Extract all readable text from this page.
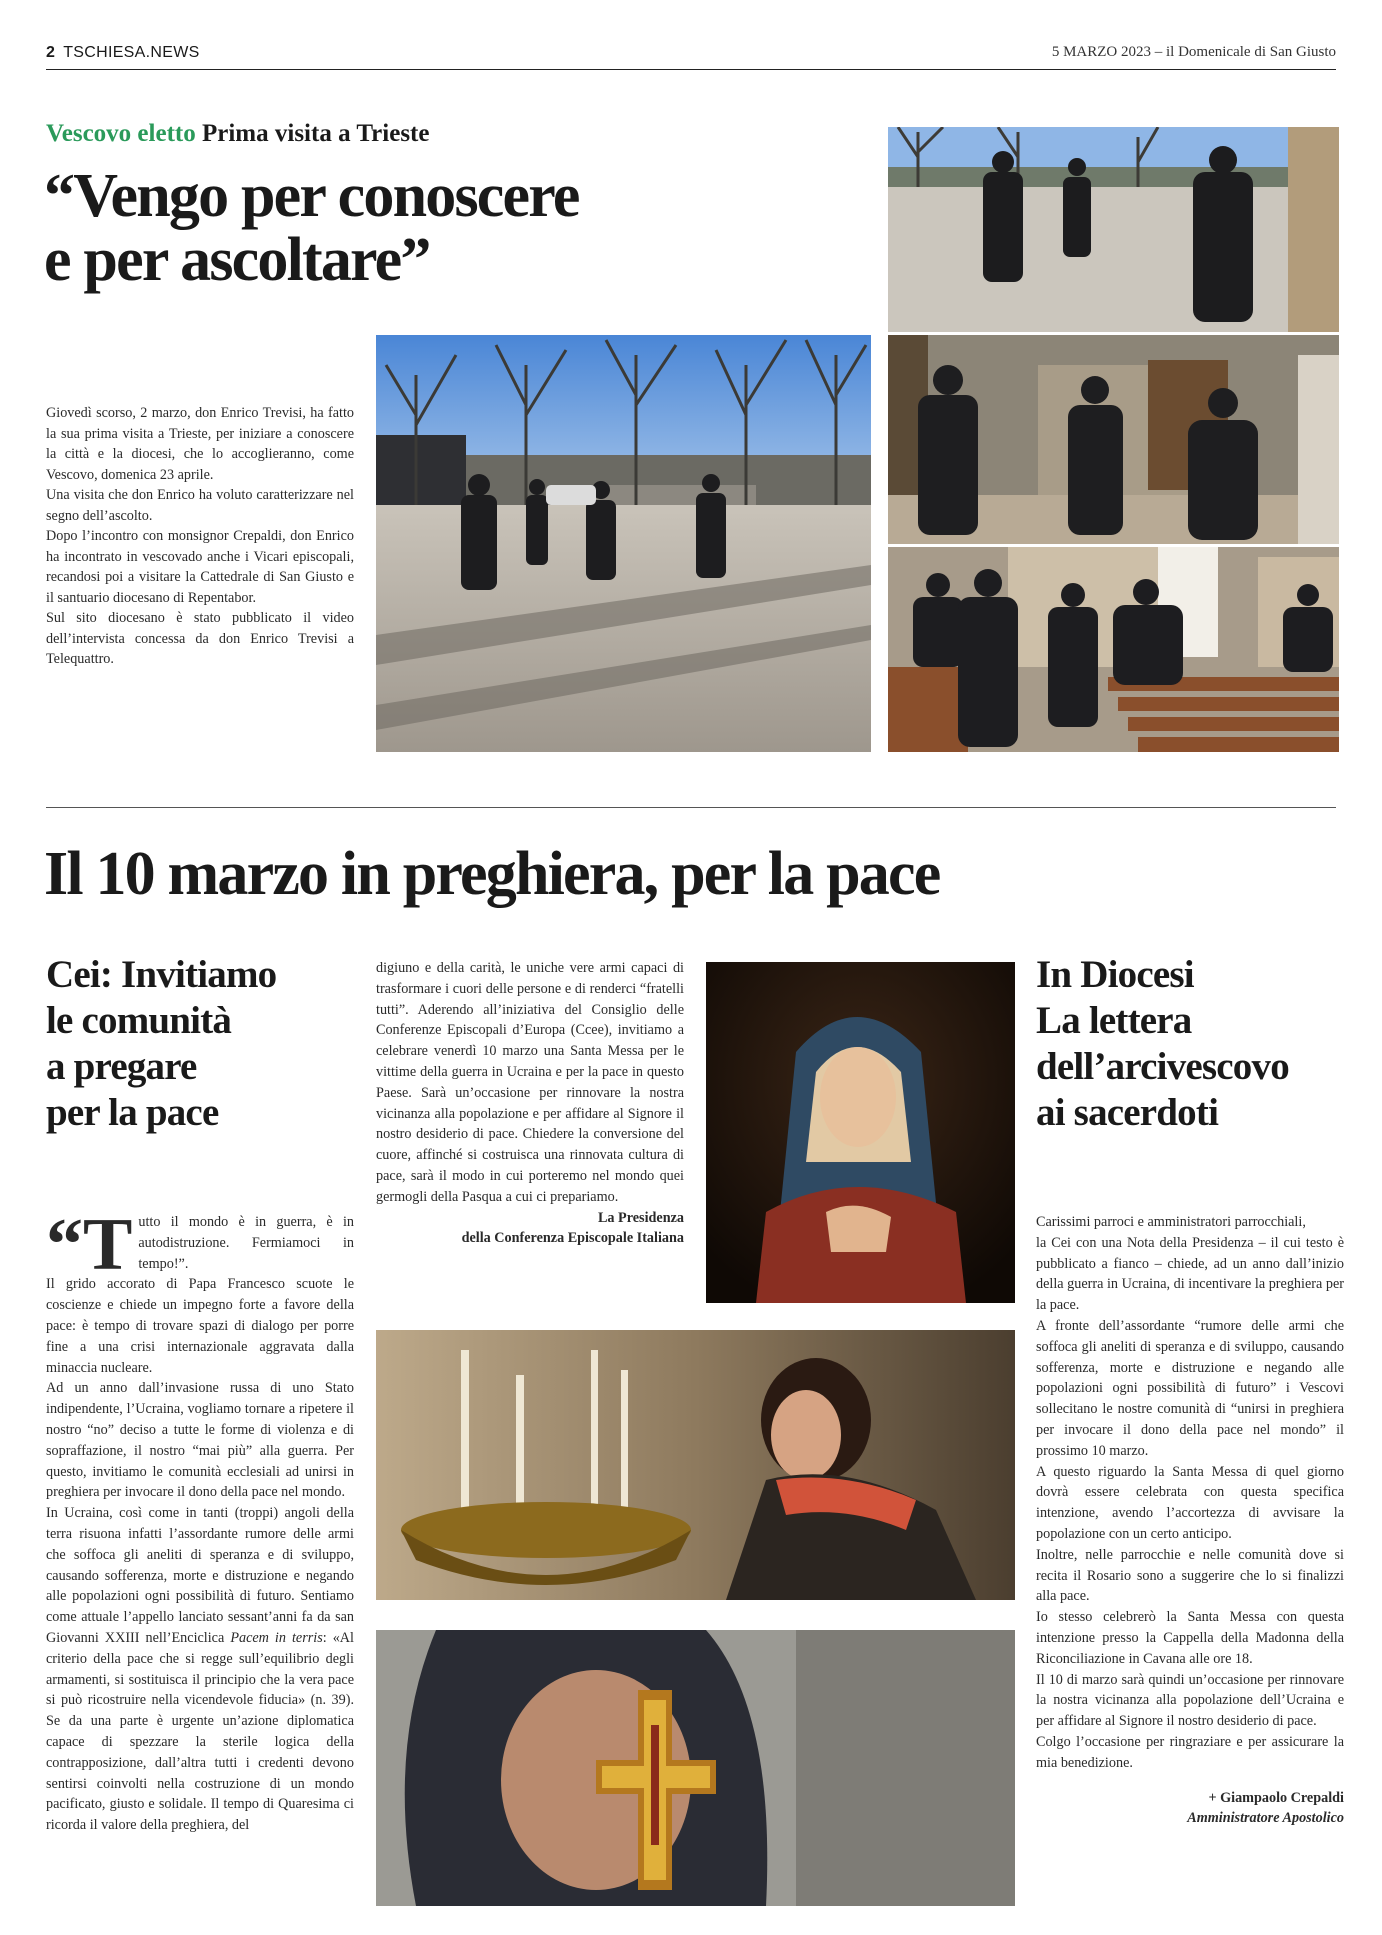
2 TSCHIESA.NEWS	5 MARZO 2023 – il Domenicale di San Giusto
Vescovo eletto Prima visita a Trieste
“Vengo per conoscere
e per ascoltare”

Giovedì scorso, 2 marzo, don Enrico Trevisi, ha fatto la sua prima visita a Trieste, per iniziare a conoscere la città e la diocesi, che lo accoglieranno, come Vescovo, domenica 23 aprile.

Una visita che don Enrico ha voluto caratterizzare nel segno dell’ascolto.

Dopo l’incontro con monsignor Crepaldi, don Enrico ha incontrato in vescovado anche i Vicari episcopali, recandosi poi a visitare la Cattedrale di San Giusto e il santuario diocesano di Repentabor.

Sul sito diocesano è stato pubblicato il video dell’intervista concessa da don Enrico Trevisi a Telequattro.

Il 10 marzo in preghiera, per la pace
Cei: Invitiamo
le comunità
a pregare
per la pace

“Tutto il mondo è in guerra, è in autodistruzione. Fermiamoci in tempo!”.

Il grido accorato di Papa Francesco scuote le coscienze e chiede un impegno forte a favore della pace: è tempo di trovare spazi di dialogo per porre fine a una crisi internazionale aggravata dalla minaccia nucleare.

Ad un anno dall’invasione russa di uno Stato indipendente, l’Ucraina, vogliamo tornare a ripetere il nostro “no” deciso a tutte le forme di violenza e di sopraffazione, il nostro “mai più” alla guerra. Per questo, invitiamo le comunità ecclesiali ad unirsi in preghiera per invocare il dono della pace nel mondo.

In Ucraina, così come in tanti (troppi) angoli della terra risuona infatti l’assordante rumore delle armi che soffoca gli aneliti di speranza e di sviluppo, causando sofferenza, morte e distruzione e negando alle popolazioni ogni possibilità di futuro. Sentiamo come attuale l’appello lanciato sessant’anni fa da san Giovanni XXIII nell’Enciclica Pacem in terris: «Al criterio della pace che si regge sull’equilibrio degli armamenti, si sostituisca il principio che la vera pace si può ricostruire nella vicendevole fiducia» (n. 39). Se da una parte è urgente un’azione diplomatica capace di spezzare la sterile logica della contrapposizione, dall’altra tutti i credenti devono sentirsi coinvolti nella costruzione di un mondo pacificato, giusto e solidale. Il tempo di Quaresima ci ricorda il valore della preghiera, del

digiuno e della carità, le uniche vere armi capaci di trasformare i cuori delle persone e di renderci “fratelli tutti”. Aderendo all’iniziativa del Consiglio delle Conferenze Episcopali d’Europa (Ccee), invitiamo a celebrare venerdì 10 marzo una Santa Messa per le vittime della guerra in Ucraina e per la pace in questo Paese. Sarà un’occasione per rinnovare la nostra vicinanza alla popolazione e per affidare al Signore il nostro desiderio di pace. Chiedere la conversione del cuore, affinché si costruisca una rinnovata cultura di pace, sarà il modo in cui porteremo nel mondo quei germogli della Pasqua a cui ci prepariamo.

La Presidenza
della Conferenza Episcopale Italiana
In Diocesi
La lettera
dell’arcivescovo
ai sacerdoti

Carissimi parroci e amministratori parrocchiali,

la Cei con una Nota della Presidenza – il cui testo è pubblicato a fianco – chiede, ad un anno dall’inizio della guerra in Ucraina, di incentivare la preghiera per la pace.

A fronte dell’assordante “rumore delle armi che soffoca gli aneliti di speranza e di sviluppo, causando sofferenza, morte e distruzione e negando alle popolazioni ogni possibilità di futuro” i Vescovi sollecitano le nostre comunità di “unirsi in preghiera per invocare il dono della pace nel mondo” il prossimo 10 marzo.

A questo riguardo la Santa Messa di quel giorno dovrà essere celebrata con questa specifica intenzione, avendo l’accortezza di avvisare la popolazione con un certo anticipo.

Inoltre, nelle parrocchie e nelle comunità dove si recita il Rosario sono a suggerire che lo si finalizzi alla pace.

Io stesso celebrerò la Santa Messa con questa intenzione presso la Cappella della Madonna della Riconciliazione in Cavana alle ore 18.

Il 10 di marzo sarà quindi un’occasione per rinnovare la nostra vicinanza alla popolazione dell’Ucraina e per affidare al Signore il nostro desiderio di pace.

Colgo l’occasione per ringraziare e per assicurare la mia benedizione.

+ Giampaolo Crepaldi
Amministratore Apostolico
